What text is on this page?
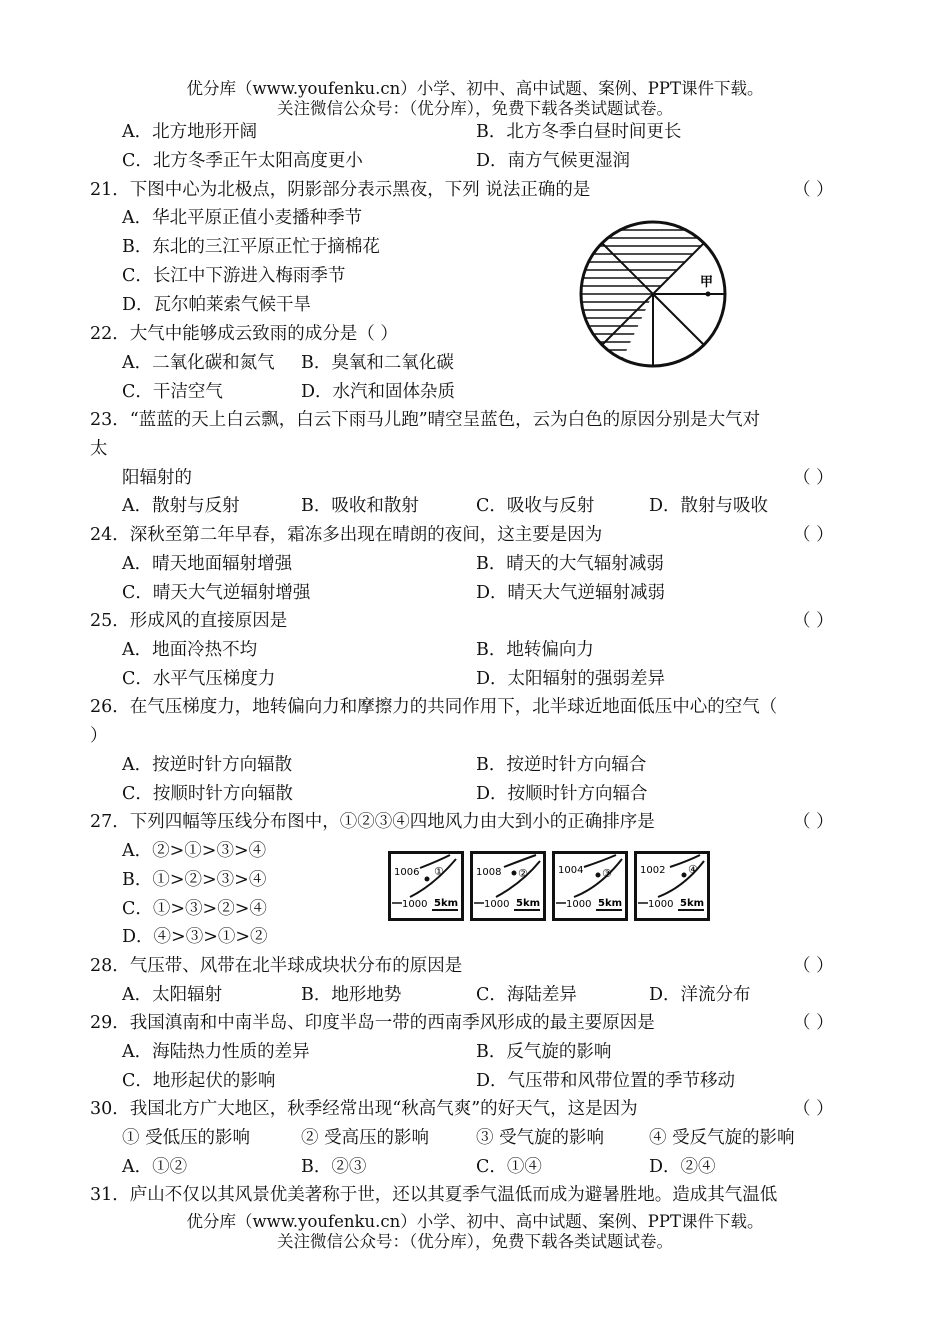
优分库（www.youfenku.cn）小学、初中、高中试题、案例、PPT课件下载。
关注微信公众号：（优分库），免费下载各类试题试卷。
A．北方地形开阔	B．北方冬季白昼时间更长
C．北方冬季正午太阳高度更小	D．南方气候更湿润
21．下图中心为北极点，阴影部分表示黑夜，下列 说法正确的是	（ ）
A．华北平原正值小麦播种季节
B．东北的三江平原正忙于摘棉花
C．长江中下游进入梅雨季节
D．瓦尔帕莱索气候干旱
甲
22．大气中能够成云致雨的成分是（ ）
A．二氧化碳和氮气 B．臭氧和二氧化碳
C．干洁空气	D．水汽和固体杂质
23．“蓝蓝的天上白云飘，白云下雨马儿跑”晴空呈蓝色，云为白色的原因分别是大气对
太
阳辐射的	（ ）
A．散射与反射	B．吸收和散射	C．吸收与反射	D．散射与吸收
24．深秋至第二年早春，霜冻多出现在晴朗的夜间，这主要是因为	（ ）
A．晴天地面辐射增强	B．晴天的大气辐射减弱
C．晴天大气逆辐射增强	D．晴天大气逆辐射减弱
25．形成风的直接原因是	（ ）
A．地面冷热不均	B．地转偏向力
C．水平气压梯度力	D．太阳辐射的强弱差异
26．在气压梯度力，地转偏向力和摩擦力的共同作用下，北半球近地面低压中心的空气（
）
A．按逆时针方向辐散	B．按逆时针方向辐合
C．按顺时针方向辐散	D．按顺时针方向辐合
27．下列四幅等压线分布图中，①②③④四地风力由大到小的正确排序是	（ ）
A．②>①>③>④
B．①>②>③>④
C．①>③>②>④
D．④>③>①>②
1006 ①
1000 5km
1008 ②
1000 5km
1004 ③
1000 5km
1002 ④
1000 5km
28．气压带、风带在北半球成块状分布的原因是	（ ）
A．太阳辐射	B．地形地势	C．海陆差异	D．洋流分布
29．我国滇南和中南半岛、印度半岛一带的西南季风形成的最主要原因是	（ ）
A．海陆热力性质的差异	B．反气旋的影响
C．地形起伏的影响	D．气压带和风带位置的季节移动
30．我国北方广大地区，秋季经常出现“秋高气爽”的好天气，这是因为	（ ）
① 受低压的影响	② 受高压的影响	③ 受气旋的影响	④ 受反气旋的影响
A．①②	B．②③	C．①④	D．②④
31．庐山不仅以其风景优美著称于世，还以其夏季气温低而成为避暑胜地。造成其气温低
优分库（www.youfenku.cn）小学、初中、高中试题、案例、PPT课件下载。
关注微信公众号：（优分库），免费下载各类试题试卷。
